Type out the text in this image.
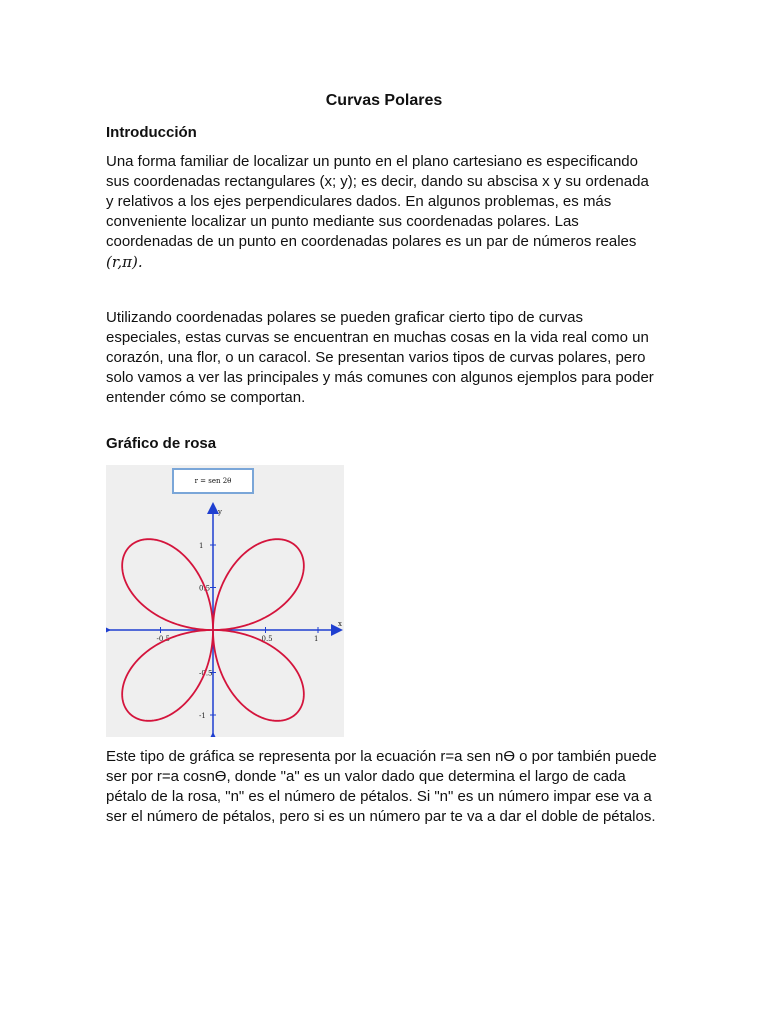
Curvas Polares
Introducción
Una forma familiar de localizar un punto en el plano cartesiano es especificando
sus coordenadas rectangulares (x; y); es decir, dando su abscisa x y su ordenada
y relativos a los ejes perpendiculares dados. En algunos problemas, es más
conveniente localizar un punto mediante sus coordenadas polares. Las
coordenadas de un punto en coordenadas polares es un par de números reales
(r,π).
Utilizando coordenadas polares se pueden graficar cierto tipo de curvas
especiales, estas curvas se encuentran en muchas cosas en la vida real como un
corazón, una flor, o un caracol. Se presentan varios tipos de curvas polares, pero
solo vamos a ver las principales y más comunes con algunos ejemplos para poder
entender cómo se comportan.
Gráfico de rosa
-0.5	0.5	1
1
0.5
-0.5
-1
x
y
r = sen 2θ
Este tipo de gráfica se representa por la ecuación r=a sen nϴ o por también puede
ser por r=a cosnϴ, donde "a" es un valor dado que determina el largo de cada
pétalo de la rosa, "n" es el número de pétalos. Si "n" es un número impar ese va a
ser el número de pétalos, pero si es un número par te va a dar el doble de pétalos.
